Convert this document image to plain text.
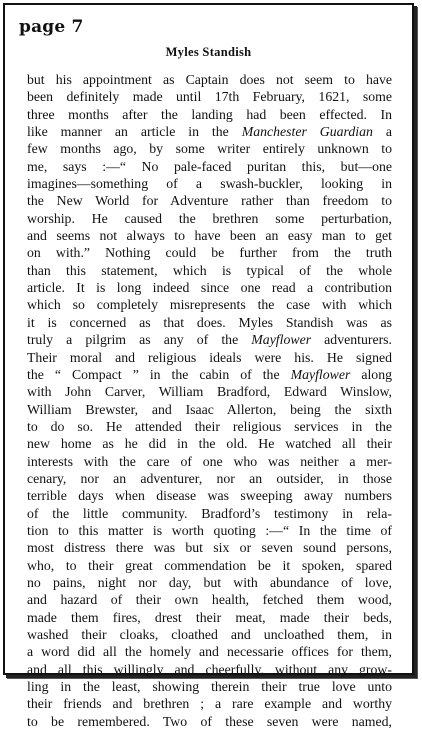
page 7
Myles Standish
but his appointment as Captain does not seem to have
been definitely made until 17th February, 1621, some
three months after the landing had been effected. In
like manner an article in the Manchester Guardian a
few months ago, by some writer entirely unknown to
me, says :—“ No pale-faced puritan this, but—one
imagines—something of a swash-buckler, looking in
the New World for Adventure rather than freedom to
worship. He caused the brethren some perturbation,
and seems not always to have been an easy man to get
on with.” Nothing could be further from the truth
than this statement, which is typical of the whole
article. It is long indeed since one read a contribution
which so completely misrepresents the case with which
it is concerned as that does. Myles Standish was as
truly a pilgrim as any of the Mayflower adventurers.
Their moral and religious ideals were his. He signed
the “ Compact ” in the cabin of the Mayflower along
with John Carver, William Bradford, Edward Winslow,
William Brewster, and Isaac Allerton, being the sixth
to do so. He attended their religious services in the
new home as he did in the old. He watched all their
interests with the care of one who was neither a mer-
cenary, nor an adventurer, nor an outsider, in those
terrible days when disease was sweeping away numbers
of the little community. Bradford’s testimony in rela-
tion to this matter is worth quoting :—“ In the time of
most distress there was but six or seven sound persons,
who, to their great commendation be it spoken, spared
no pains, night nor day, but with abundance of love,
and hazard of their own health, fetched them wood,
made them fires, drest their meat, made their beds,
washed their cloaks, cloathed and uncloathed them, in
a word did all the homely and necessarie offices for them,
and all this willingly and cheerfully, without any grow-
ling in the least, showing therein their true love unto
their friends and brethren ; a rare example and worthy
to be remembered. Two of these seven were named,
